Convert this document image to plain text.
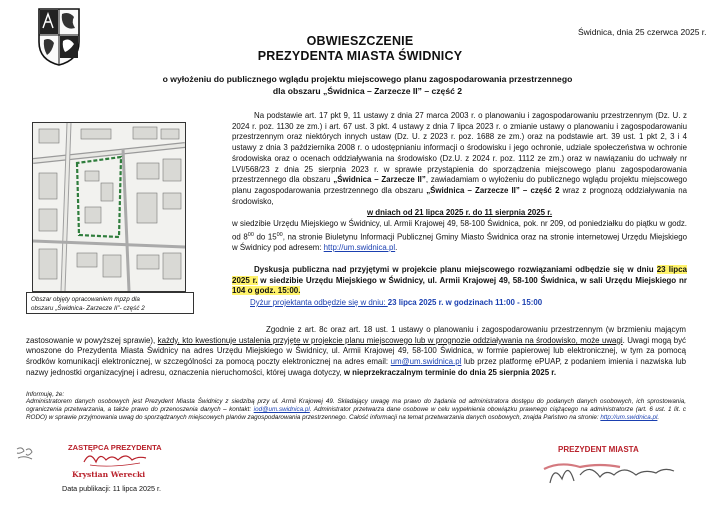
Świdnica, dnia 25 czerwca 2025 r.
OBWIESZCZENIE
PREZYDENTA MIASTA ŚWIDNICY
o wyłożeniu do publicznego wglądu projektu miejscowego planu zagospodarowania przestrzennego
dla obszaru „Świdnica – Zarzecze II” – część 2
Obszar objęty opracowaniem mpzp dla
obszaru „Świdnica- Zarzecze II”- część 2
Na podstawie art. 17 pkt 9, 11 ustawy z dnia 27 marca 2003 r. o planowaniu i zagospodarowaniu przestrzennym (Dz. U. z 2024 r. poz. 1130 ze zm.) i art. 67 ust. 3 pkt. 4 ustawy z dnia 7 lipca 2023 r. o zmianie ustawy o planowaniu i zagospodarowaniu przestrzennym oraz niektórych innych ustaw (Dz. U. z 2023 r. poz. 1688 ze zm.) oraz na podstawie art. 39 ust. 1 pkt 2, 3 i 4 ustawy z dnia 3 października 2008 r. o udostępnianiu informacji o środowisku i jego ochronie, udziale społeczeństwa w ochronie środowiska oraz o ocenach oddziaływania na środowisko (Dz.U. z 2024 r. poz. 1112 ze zm.) oraz w nawiązaniu do uchwały nr LVI/568/23 z dnia 25 sierpnia 2023 r. w sprawie przystąpienia do sporządzenia miejscowego planu zagospodarowania przestrzennego dla obszaru „Świdnica – Zarzecze II”, zawiadamiam o wyłożeniu do publicznego wglądu projektu miejscowego planu zagospodarowania przestrzennego dla obszaru „Świdnica – Zarzecze II” – część 2 wraz z prognozą oddziaływania na środowisko,
w dniach od 21 lipca 2025 r. do 11 sierpnia 2025 r.
w siedzibie Urzędu Miejskiego w Świdnicy, ul. Armii Krajowej 49, 58-100 Świdnica, pok. nr 209, od poniedziałku do piątku w godz. od $8^{00}$ do $15^{00}$, na stronie Biuletynu Informacji Publicznej Gminy Miasto Świdnica oraz na stronie internetowej Urzędu Miejskiego w Świdnicy pod adresem: http://um.swidnica.pl.
Dyskusja publiczna nad przyjętymi w projekcie planu miejscowego rozwiązaniami odbędzie się w dniu 23 lipca 2025 r. w siedzibie Urzędu Miejskiego w Świdnicy, ul. Armii Krajowej 49, 58-100 Świdnica, w sali Urzędu Miejskiego nr 104 o godz. 15:00.
Dyżur projektanta odbędzie się w dniu: 23 lipca 2025 r. w godzinach 11:00 - 15:00
Zgodnie z art. 8c oraz art. 18 ust. 1 ustawy o planowaniu i zagospodarowaniu przestrzennym (w brzmieniu mającym zastosowanie w powyższej sprawie), każdy, kto kwestionuje ustalenia przyjęte w projekcie planu miejscowego lub w prognozie oddziaływania na środowisko, może uwagi. Uwagi mogą być wnoszone do Prezydenta Miasta Świdnicy na adres Urzędu Miejskiego w Świdnicy, ul. Armii Krajowej 49, 58-100 Świdnica, w formie papierowej lub elektronicznej, w tym za pomocą środków komunikacji elektronicznej, w szczególności za pomocą poczty elektronicznej na adres email: um@um.swidnica.pl lub przez platformę ePUAP, z podaniem imienia i nazwiska lub nazwy jednostki organizacyjnej i adresu, oznaczenia nieruchomości, której uwaga dotyczy, w nieprzekraczalnym terminie do dnia 25 sierpnia 2025 r.
Informuję, że:
Administratorem danych osobowych jest Prezydent Miasta Świdnicy z siedzibą przy ul. Armii Krajowej 49. Składający uwagę ma prawo do żądania od administratora dostępu do podanych danych osobowych, ich sprostowania, ograniczenia przetwarzania, a także prawo do przenoszenia danych – kontakt: iod@um.swidnica.pl. Administrator przetwarza dane osobowe w celu wypełnienia obowiązku prawnego ciążącego na administratorze (art. 6 ust. 1 lit. c RODO) w sprawie przyjmowania uwag do sporządzanych miejscowych planów zagospodarowania przestrzennego. Całość informacji na temat przetwarzania danych osobowych, znajda Państwo na stronie: http://um.swidnica.pl.
ZASTĘPCA PREZYDENTA
Krystian Werecki
Data publikacji: 11 lipca 2025 r.
PREZYDENT MIASTA
